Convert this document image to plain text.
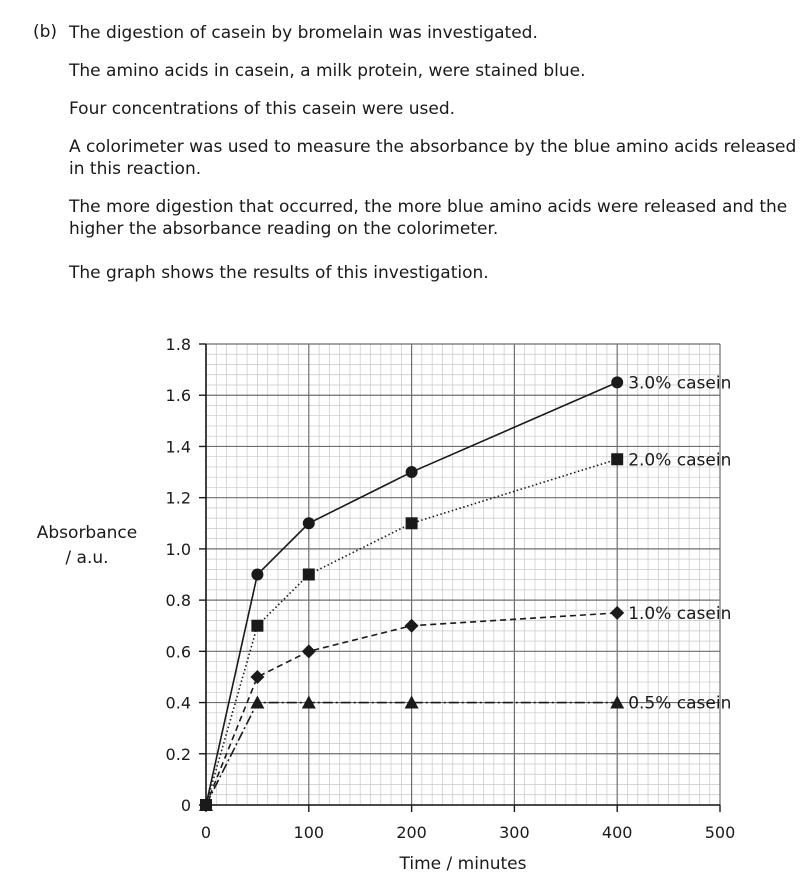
(b) The digestion of casein by bromelain was investigated.

The amino acids in casein, a milk protein, were stained blue.

Four concentrations of this casein were used.

A colorimeter was used to measure the absorbance by the blue amino acids released in this reaction.

The more digestion that occurred, the more blue amino acids were released and the higher the absorbance reading on the colorimeter.

The graph shows the results of this investigation.

0
0.2
0.4
0.6
0.8
1.0
1.2
1.4
1.6
1.8
0	100	200	300	400	500
3.0% casein
2.0% casein
1.0% casein
0.5% casein
Absorbance
/ a.u.
Time / minutes
